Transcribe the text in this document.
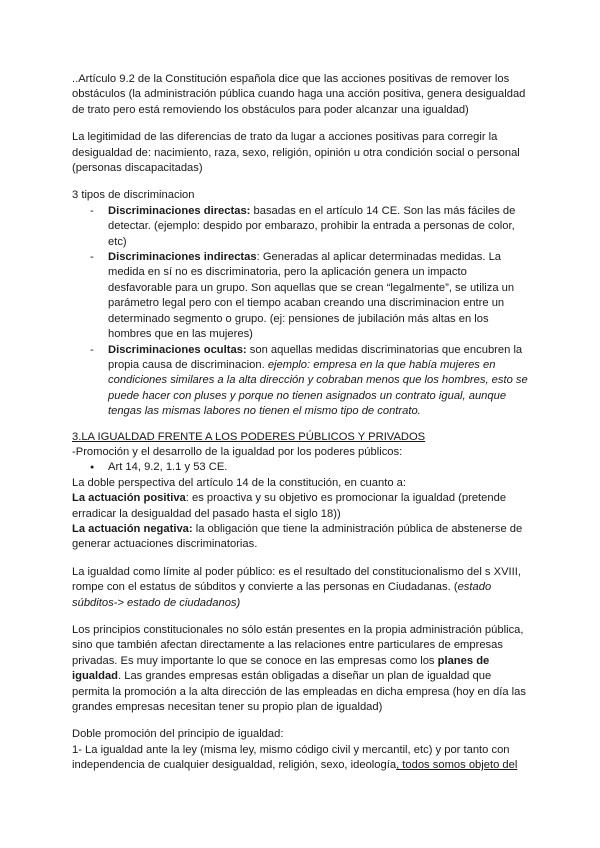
..Artículo 9.2 de la Constitución española dice que las acciones positivas de remover los obstáculos (la administración pública cuando haga una acción positiva, genera desigualdad de trato pero está removiendo los obstáculos para poder alcanzar una igualdad)

La legitimidad de las diferencias de trato da lugar a acciones positivas para corregir la desigualdad de: nacimiento, raza, sexo, religión, opinión u otra condición social o personal (personas discapacitadas)

3 tipos de discriminacion

- Discriminaciones directas: basadas en el artículo 14 CE. Son las más fáciles de detectar. (ejemplo: despido por embarazo, prohibir la entrada a personas de color, etc)
- Discriminaciones indirectas: Generadas al aplicar determinadas medidas. La medida en sí no es discriminatoria, pero la aplicación genera un impacto desfavorable para un grupo. Son aquellas que se crean “legalmente”, se utiliza un parámetro legal pero con el tiempo acaban creando una discriminacion entre un determinado segmento o grupo. (ej: pensiones de jubilación más altas en los hombres que en las mujeres)
- Discriminaciones ocultas: son aquellas medidas discriminatorias que encubren la propia causa de discriminacion. ejemplo: empresa en la que había mujeres en condiciones similares a la alta dirección y cobraban menos que los hombres, esto se puede hacer con pluses y porque no tienen asignados un contrato igual, aunque tengas las mismas labores no tienen el mismo tipo de contrato.

3.LA IGUALDAD FRENTE A LOS PODERES PÚBLICOS Y PRIVADOS

-Promoción y el desarrollo de la igualdad por los poderes públicos:

● Art 14, 9.2, 1.1 y 53 CE.

La doble perspectiva del artículo 14 de la constitución, en cuanto a:

La actuación positiva: es proactiva y su objetivo es promocionar la igualdad (pretende erradicar la desigualdad del pasado hasta el siglo 18))

La actuación negativa: la obligación que tiene la administración pública de abstenerse de generar actuaciones discriminatorias.

La igualdad como límite al poder público: es el resultado del constitucionalismo del s XVIII, rompe con el estatus de súbditos y convierte a las personas en Ciudadanas. (estado súbditos-> estado de ciudadanos)

Los principios constitucionales no sólo están presentes en la propia administración pública, sino que también afectan directamente a las relaciones entre particulares de empresas privadas. Es muy importante lo que se conoce en las empresas como los planes de igualdad. Las grandes empresas están obligadas a diseñar un plan de igualdad que permita la promoción a la alta dirección de las empleadas en dicha empresa (hoy en día las grandes empresas necesitan tener su propio plan de igualdad)

Doble promoción del principio de igualdad:

1- La igualdad ante la ley (misma ley, mismo código civil y mercantil, etc) y por tanto con independencia de cualquier desigualdad, religión, sexo, ideología, todos somos objeto del
